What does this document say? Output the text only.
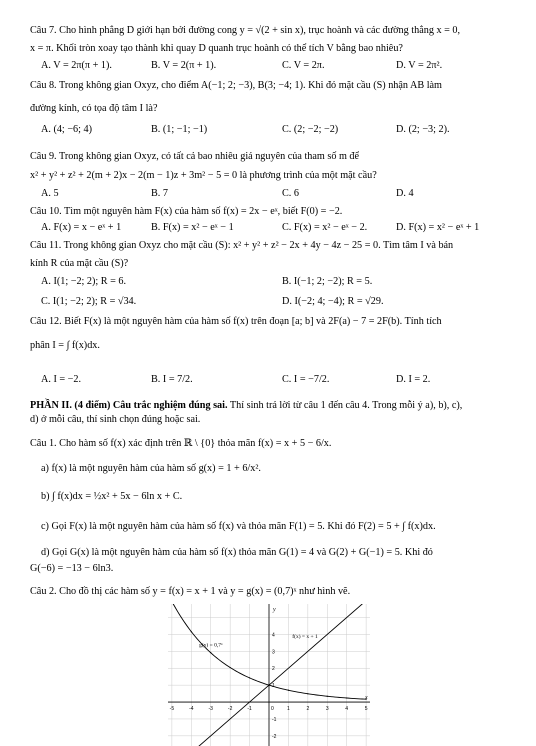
Câu 7. Cho hình phẳng D giới hạn bởi đường cong y = √(2 + sin x), trục hoành và các đường thẳng x = 0,
x = π. Khối tròn xoay tạo thành khi quay D quanh trục hoành có thể tích V bằng bao nhiêu?
A. V = 2π(π + 1).	B. V = 2(π + 1).	C. V = 2π.	D. V = 2π².
Câu 8. Trong không gian Oxyz, cho điểm A(−1; 2; −3), B(3; −4; 1). Khi đó mặt cầu (S) nhận AB làm
đường kính, có tọa độ tâm I là?
A. (4; −6; 4)	B. (1; −1; −1)	C. (2; −2; −2)	D. (2; −3; 2).
Câu 9. Trong không gian Oxyz, có tất cả bao nhiêu giá nguyên của tham số m để
x² + y² + z² + 2(m + 2)x − 2(m − 1)z + 3m² − 5 = 0 là phương trình của một mặt cầu?
A. 5	B. 7	C. 6	D. 4
Câu 10. Tìm một nguyên hàm F(x) của hàm số f(x) = 2x − eˣ, biết F(0) = −2.
A. F(x) = x − eˣ + 1	B. F(x) = x² − eˣ − 1	C. F(x) = x² − eˣ − 2.	D. F(x) = x² − eˣ + 1
Câu 11. Trong không gian Oxyz cho mặt cầu (S): x² + y² + z² − 2x + 4y − 4z − 25 = 0. Tìm tâm I và bán
kính R của mặt cầu (S)?
A. I(1; −2; 2); R = 6.	B. I(−1; 2; −2); R = 5.
C. I(1; −2; 2); R = √34.	D. I(−2; 4; −4); R = √29.
Câu 12. Biết F(x) là một nguyên hàm của hàm số f(x) trên đoạn [a; b] và 2F(a) − 7 = 2F(b). Tính tích
phân I = ∫ f(x)dx.
A. I = −2.	B. I = 7/2.	C. I = −7/2.	D. I = 2.
PHẦN II. (4 điểm) Câu trắc nghiệm đúng sai. Thí sinh trả lời từ câu 1 đến câu 4. Trong mỗi ý a), b), c),
d) ở mỗi câu, thí sinh chọn đúng hoặc sai.
Câu 1. Cho hàm số f(x) xác định trên ℝ \ {0} thỏa mãn f(x) = x + 5 − 6/x.
a) f(x) là một nguyên hàm của hàm số g(x) = 1 + 6/x².
b) ∫ f(x)dx = ½x² + 5x − 6ln x + C.
c) Gọi F(x) là một nguyên hàm của hàm số f(x) và thỏa mãn F(1) = 5. Khi đó F(2) = 5 + ∫ f(x)dx.
d) Gọi G(x) là một nguyên hàm của hàm số f(x) thỏa mãn G(1) = 4 và G(2) + G(−1) = 5. Khi đó
G(−6) = −13 − 6ln3.
Câu 2. Cho đồ thị các hàm số y = f(x) = x + 1 và y = g(x) = (0,7)ˣ như hình vẽ.
-5	-4	-3	-2	-1	1	2	3	4	5
-2
-1
1
2
3
4
0
y
x
f(x) = x + 1
g(x) = 0,7ˣ
